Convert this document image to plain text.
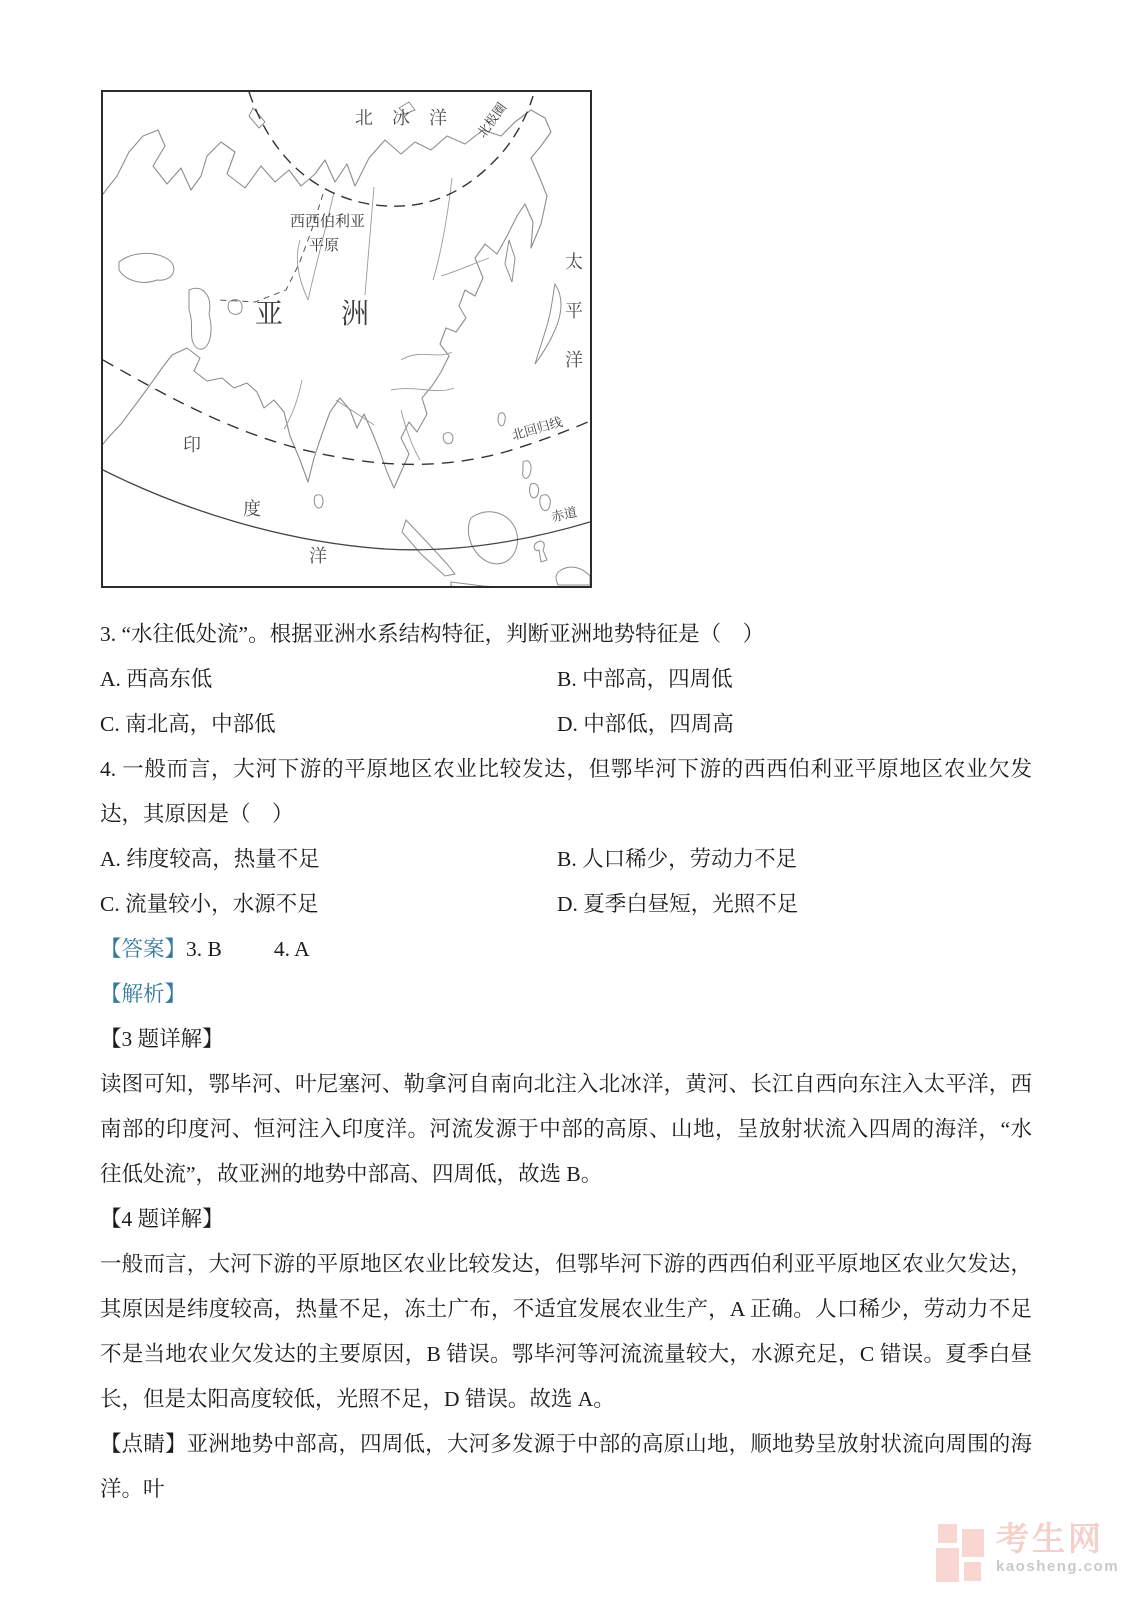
北冰洋 北极圈
西西伯利亚
平原
亚洲	太平洋
北回归线
印
度
洋
赤道
3. “水往低处流”。根据亚洲水系结构特征，判断亚洲地势特征是（　）
A. 西高东低	B. 中部高，四周低
C. 南北高，中部低	D. 中部低，四周高
4. 一般而言，大河下游的平原地区农业比较发达，但鄂毕河下游的西西伯利亚平原地区农业欠发达，其原因是（　）
A. 纬度较高，热量不足	B. 人口稀少，劳动力不足
C. 流量较小，水源不足	D. 夏季白昼短，光照不足
【答案】3. B 4. A
【解析】
【3 题详解】
读图可知，鄂毕河、叶尼塞河、勒拿河自南向北注入北冰洋，黄河、长江自西向东注入太平洋，西南部的印度河、恒河注入印度洋。河流发源于中部的高原、山地，呈放射状流入四周的海洋，“水往低处流”，故亚洲的地势中部高、四周低，故选 B。
【4 题详解】
一般而言，大河下游的平原地区农业比较发达，但鄂毕河下游的西西伯利亚平原地区农业欠发达，其原因是纬度较高，热量不足，冻土广布，不适宜发展农业生产，A 正确。人口稀少，劳动力不足不是当地农业欠发达的主要原因，B 错误。鄂毕河等河流流量较大，水源充足，C 错误。夏季白昼长，但是太阳高度较低，光照不足，D 错误。故选 A。
【点睛】亚洲地势中部高，四周低，大河多发源于中部的高原山地，顺地势呈放射状流向周围的海洋。叶
考生网
kaosheng.com
